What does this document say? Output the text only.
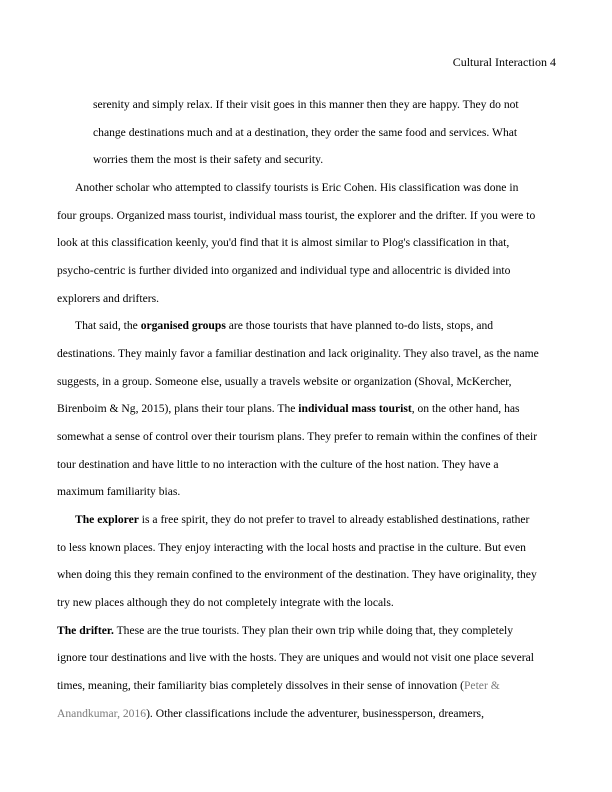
Cultural Interaction 4
serenity and simply relax. If their visit goes in this manner then they are happy. They do not
change destinations much and at a destination, they order the same food and services. What
worries them the most is their safety and security.
Another scholar who attempted to classify tourists is Eric Cohen. His classification was done in
four groups. Organized mass tourist, individual mass tourist, the explorer and the drifter. If you were to
look at this classification keenly, you'd find that it is almost similar to Plog's classification in that,
psycho-centric is further divided into organized and individual type and allocentric is divided into
explorers and drifters.
That said, the organised groups are those tourists that have planned to-do lists, stops, and
destinations. They mainly favor a familiar destination and lack originality. They also travel, as the name
suggests, in a group. Someone else, usually a travels website or organization (Shoval, McKercher,
Birenboim & Ng, 2015), plans their tour plans. The individual mass tourist, on the other hand, has
somewhat a sense of control over their tourism plans. They prefer to remain within the confines of their
tour destination and have little to no interaction with the culture of the host nation. They have a
maximum familiarity bias.
The explorer is a free spirit, they do not prefer to travel to already established destinations, rather
to less known places. They enjoy interacting with the local hosts and practise in the culture. But even
when doing this they remain confined to the environment of the destination. They have originality, they
try new places although they do not completely integrate with the locals.
The drifter. These are the true tourists. They plan their own trip while doing that, they completely
ignore tour destinations and live with the hosts. They are uniques and would not visit one place several
times, meaning, their familiarity bias completely dissolves in their sense of innovation (Peter &
Anandkumar, 2016). Other classifications include the adventurer, businessperson, dreamers,
